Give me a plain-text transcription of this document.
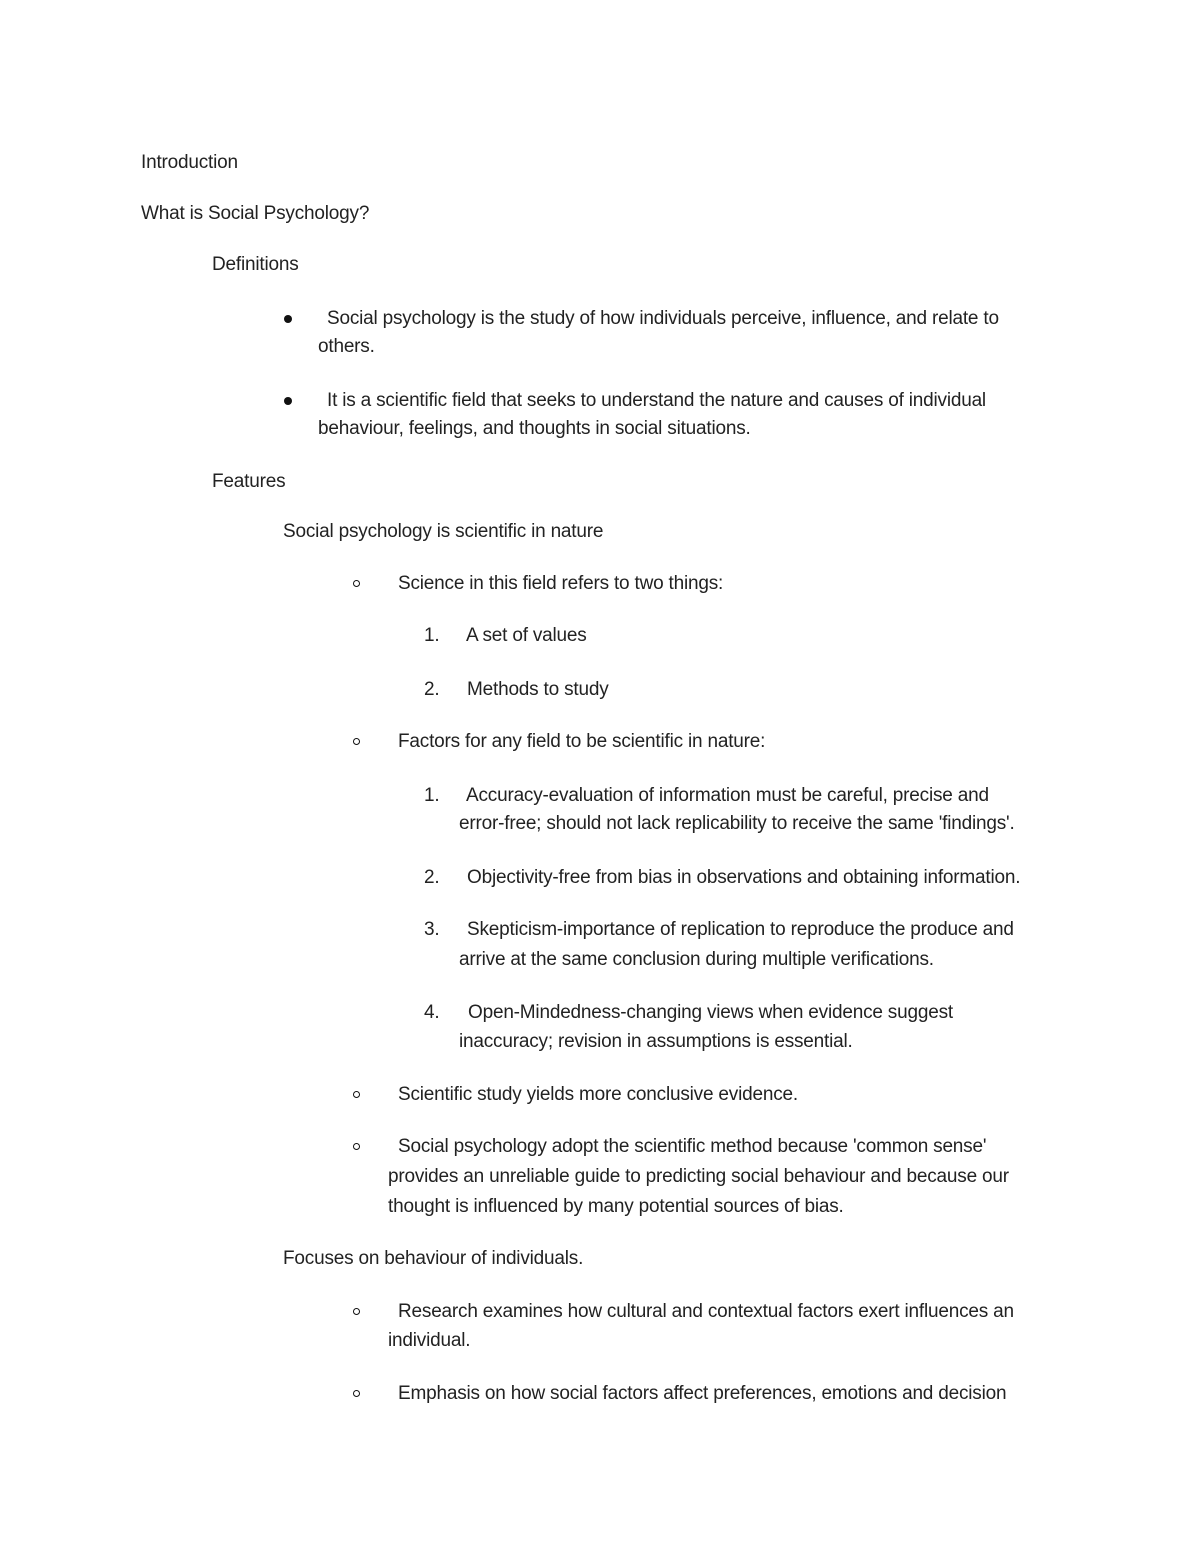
Introduction
What is Social Psychology?
Definitions
Social psychology is the study of how individuals perceive, influence, and relate to
others.
It is a scientific field that seeks to understand the nature and causes of individual
behaviour, feelings, and thoughts in social situations.
Features
Social psychology is scientific in nature
Science in this field refers to two things:
1. A set of values
2. Methods to study
Factors for any field to be scientific in nature:
1. Accuracy-evaluation of information must be careful, precise and
error-free; should not lack replicability to receive the same 'findings'.
2. Objectivity-free from bias in observations and obtaining information.
3. Skepticism-importance of replication to reproduce the produce and
arrive at the same conclusion during multiple verifications.
4. Open-Mindedness-changing views when evidence suggest
inaccuracy; revision in assumptions is essential.
Scientific study yields more conclusive evidence.
Social psychology adopt the scientific method because 'common sense'
provides an unreliable guide to predicting social behaviour and because our
thought is influenced by many potential sources of bias.
Focuses on behaviour of individuals.
Research examines how cultural and contextual factors exert influences an
individual.
Emphasis on how social factors affect preferences, emotions and decision
